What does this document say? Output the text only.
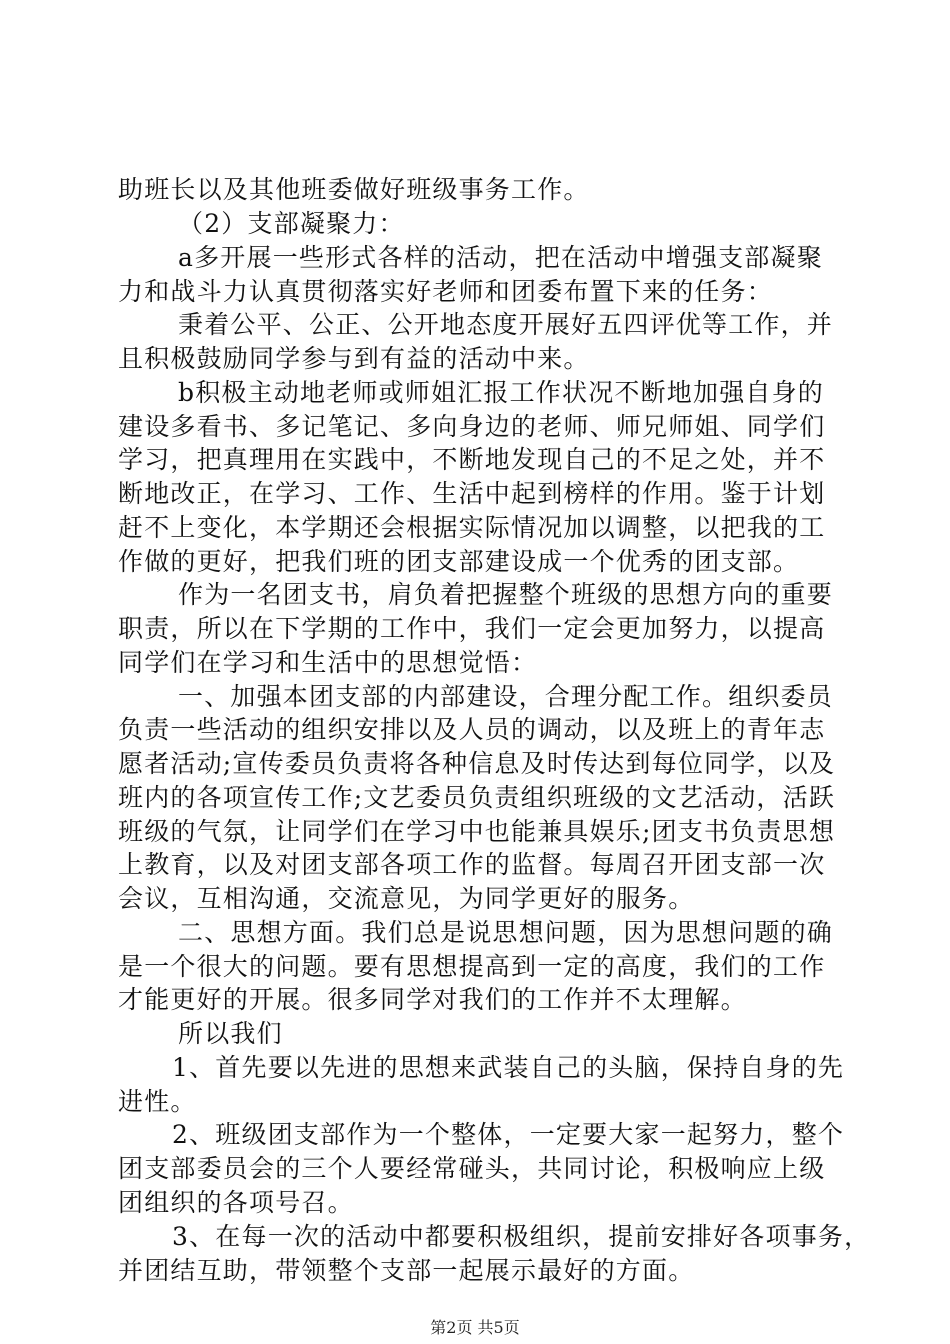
助班长以及其他班委做好班级事务工作。
（2）支部凝聚力：
a多开展一些形式各样的活动，把在活动中增强支部凝聚
力和战斗力认真贯彻落实好老师和团委布置下来的任务：
秉着公平、公正、公开地态度开展好五四评优等工作，并
且积极鼓励同学参与到有益的活动中来。
b积极主动地老师或师姐汇报工作状况不断地加强自身的
建设多看书、多记笔记、多向身边的老师、师兄师姐、同学们
学习，把真理用在实践中，不断地发现自己的不足之处，并不
断地改正，在学习、工作、生活中起到榜样的作用。鉴于计划
赶不上变化，本学期还会根据实际情况加以调整，以把我的工
作做的更好，把我们班的团支部建设成一个优秀的团支部。
作为一名团支书，肩负着把握整个班级的思想方向的重要
职责，所以在下学期的工作中，我们一定会更加努力，以提高
同学们在学习和生活中的思想觉悟：
一、加强本团支部的内部建设，合理分配工作。组织委员
负责一些活动的组织安排以及人员的调动，以及班上的青年志
愿者活动;宣传委员负责将各种信息及时传达到每位同学，以及
班内的各项宣传工作;文艺委员负责组织班级的文艺活动，活跃
班级的气氛，让同学们在学习中也能兼具娱乐;团支书负责思想
上教育，以及对团支部各项工作的监督。每周召开团支部一次
会议，互相沟通，交流意见，为同学更好的服务。
二、思想方面。我们总是说思想问题，因为思想问题的确
是一个很大的问题。要有思想提高到一定的高度，我们的工作
才能更好的开展。很多同学对我们的工作并不太理解。
所以我们
1、首先要以先进的思想来武装自己的头脑，保持自身的先
进性。
2、班级团支部作为一个整体，一定要大家一起努力，整个
团支部委员会的三个人要经常碰头，共同讨论，积极响应上级
团组织的各项号召。
3、在每一次的活动中都要积极组织，提前安排好各项事务，
并团结互助，带领整个支部一起展示最好的方面。
第2页 共5页
